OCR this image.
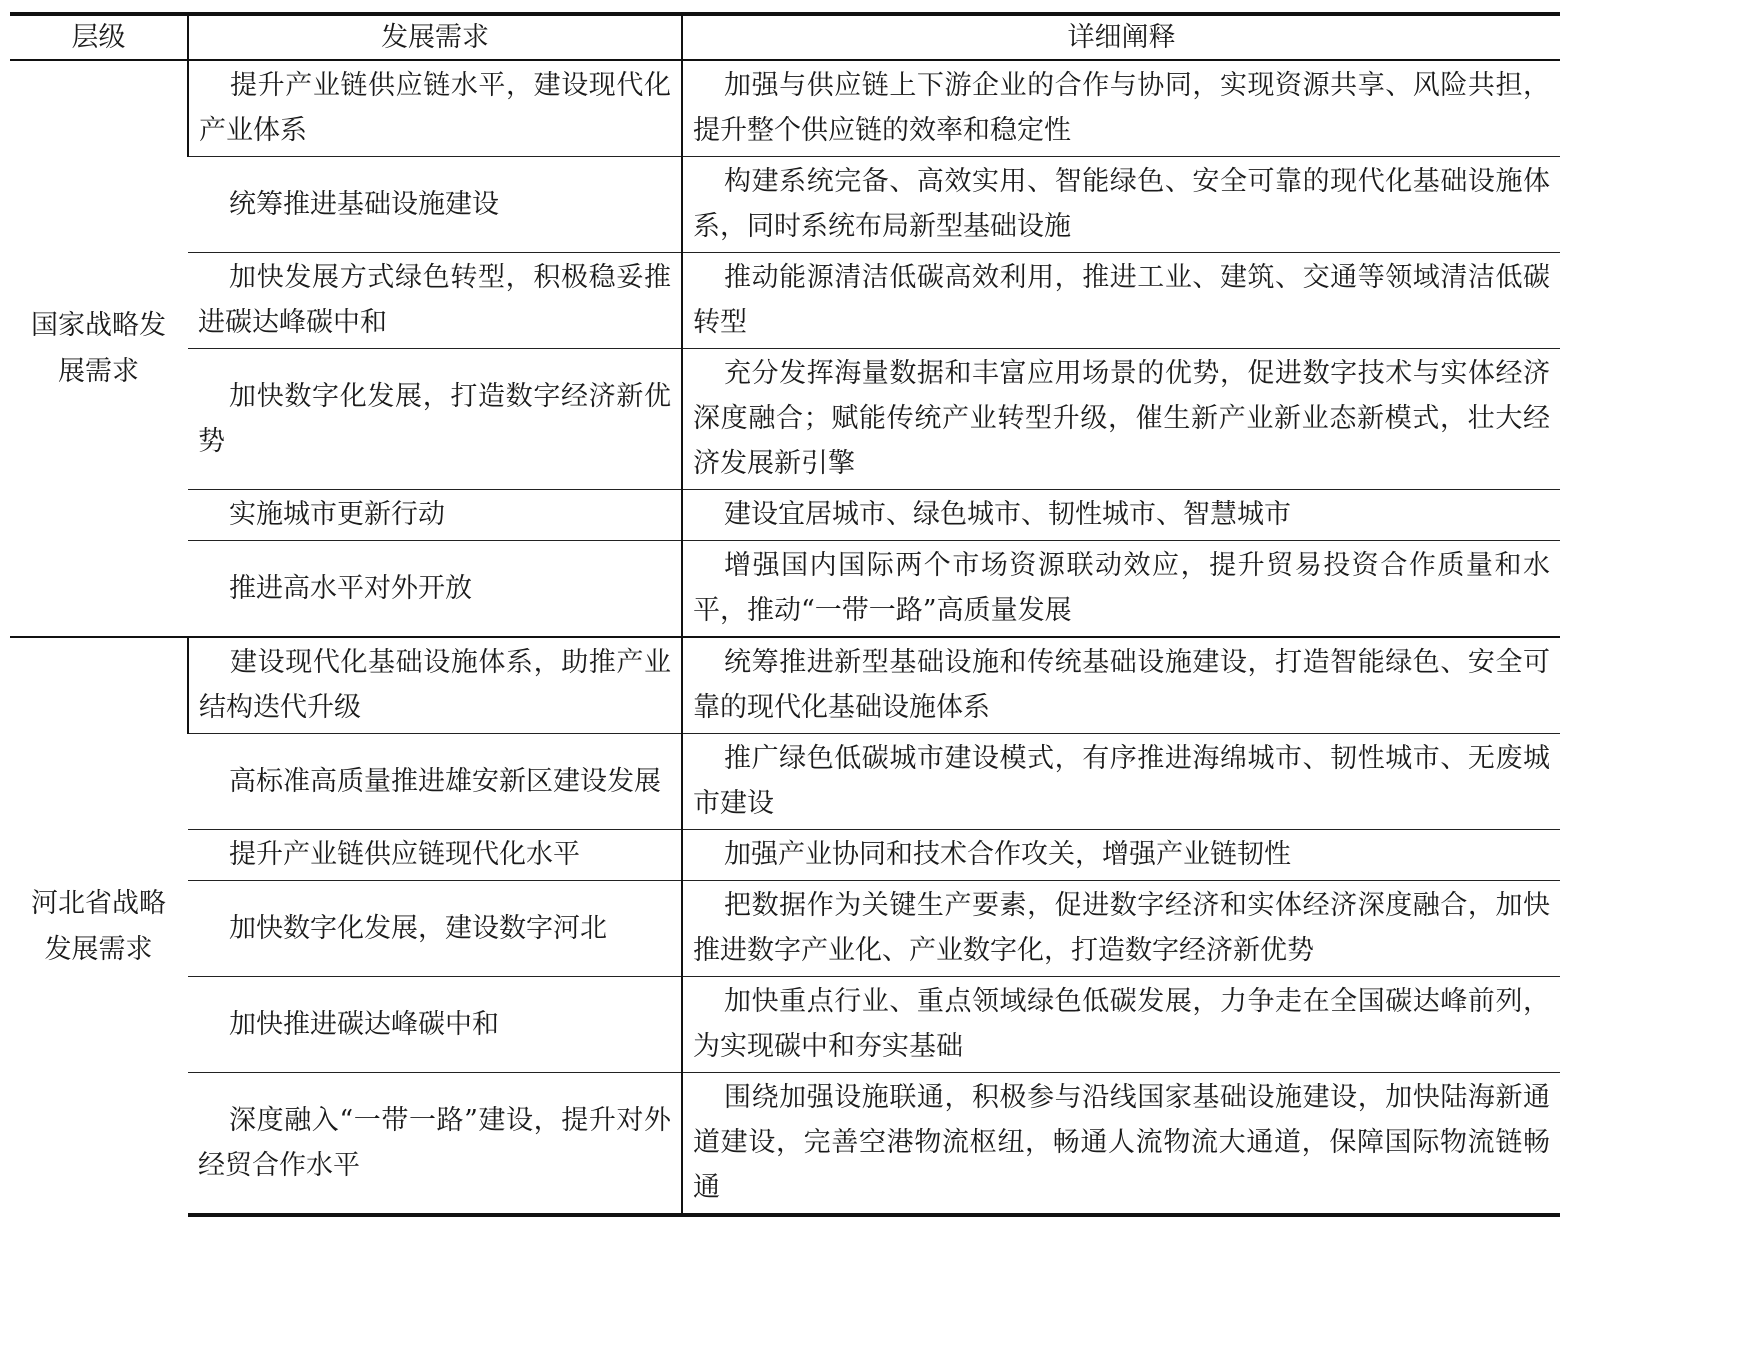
层级	发展需求	详细阐释

国家战略发展需求	提升产业链供应链水平，建设现代化产业体系	加强与供应链上下游企业的合作与协同，实现资源共享、风险共担，提升整个供应链的效率和稳定性
	统筹推进基础设施建设	构建系统完备、高效实用、智能绿色、安全可靠的现代化基础设施体系，同时系统布局新型基础设施
	加快发展方式绿色转型，积极稳妥推进碳达峰碳中和	推动能源清洁低碳高效利用，推进工业、建筑、交通等领域清洁低碳转型
	加快数字化发展，打造数字经济新优势	充分发挥海量数据和丰富应用场景的优势，促进数字技术与实体经济深度融合；赋能传统产业转型升级，催生新产业新业态新模式，壮大经济发展新引擎
	实施城市更新行动	建设宜居城市、绿色城市、韧性城市、智慧城市
	推进高水平对外开放	增强国内国际两个市场资源联动效应，提升贸易投资合作质量和水平，推动“一带一路”高质量发展

河北省战略发展需求	建设现代化基础设施体系，助推产业结构迭代升级	统筹推进新型基础设施和传统基础设施建设，打造智能绿色、安全可靠的现代化基础设施体系
	高标准高质量推进雄安新区建设发展	推广绿色低碳城市建设模式，有序推进海绵城市、韧性城市、无废城市建设
	提升产业链供应链现代化水平	加强产业协同和技术合作攻关，增强产业链韧性
	加快数字化发展，建设数字河北	把数据作为关键生产要素，促进数字经济和实体经济深度融合，加快推进数字产业化、产业数字化，打造数字经济新优势
	加快推进碳达峰碳中和	加快重点行业、重点领域绿色低碳发展，力争走在全国碳达峰前列，为实现碳中和夯实基础
	深度融入“一带一路”建设，提升对外经贸合作水平	围绕加强设施联通，积极参与沿线国家基础设施建设，加快陆海新通道建设，完善空港物流枢纽，畅通人流物流大通道，保障国际物流链畅通
